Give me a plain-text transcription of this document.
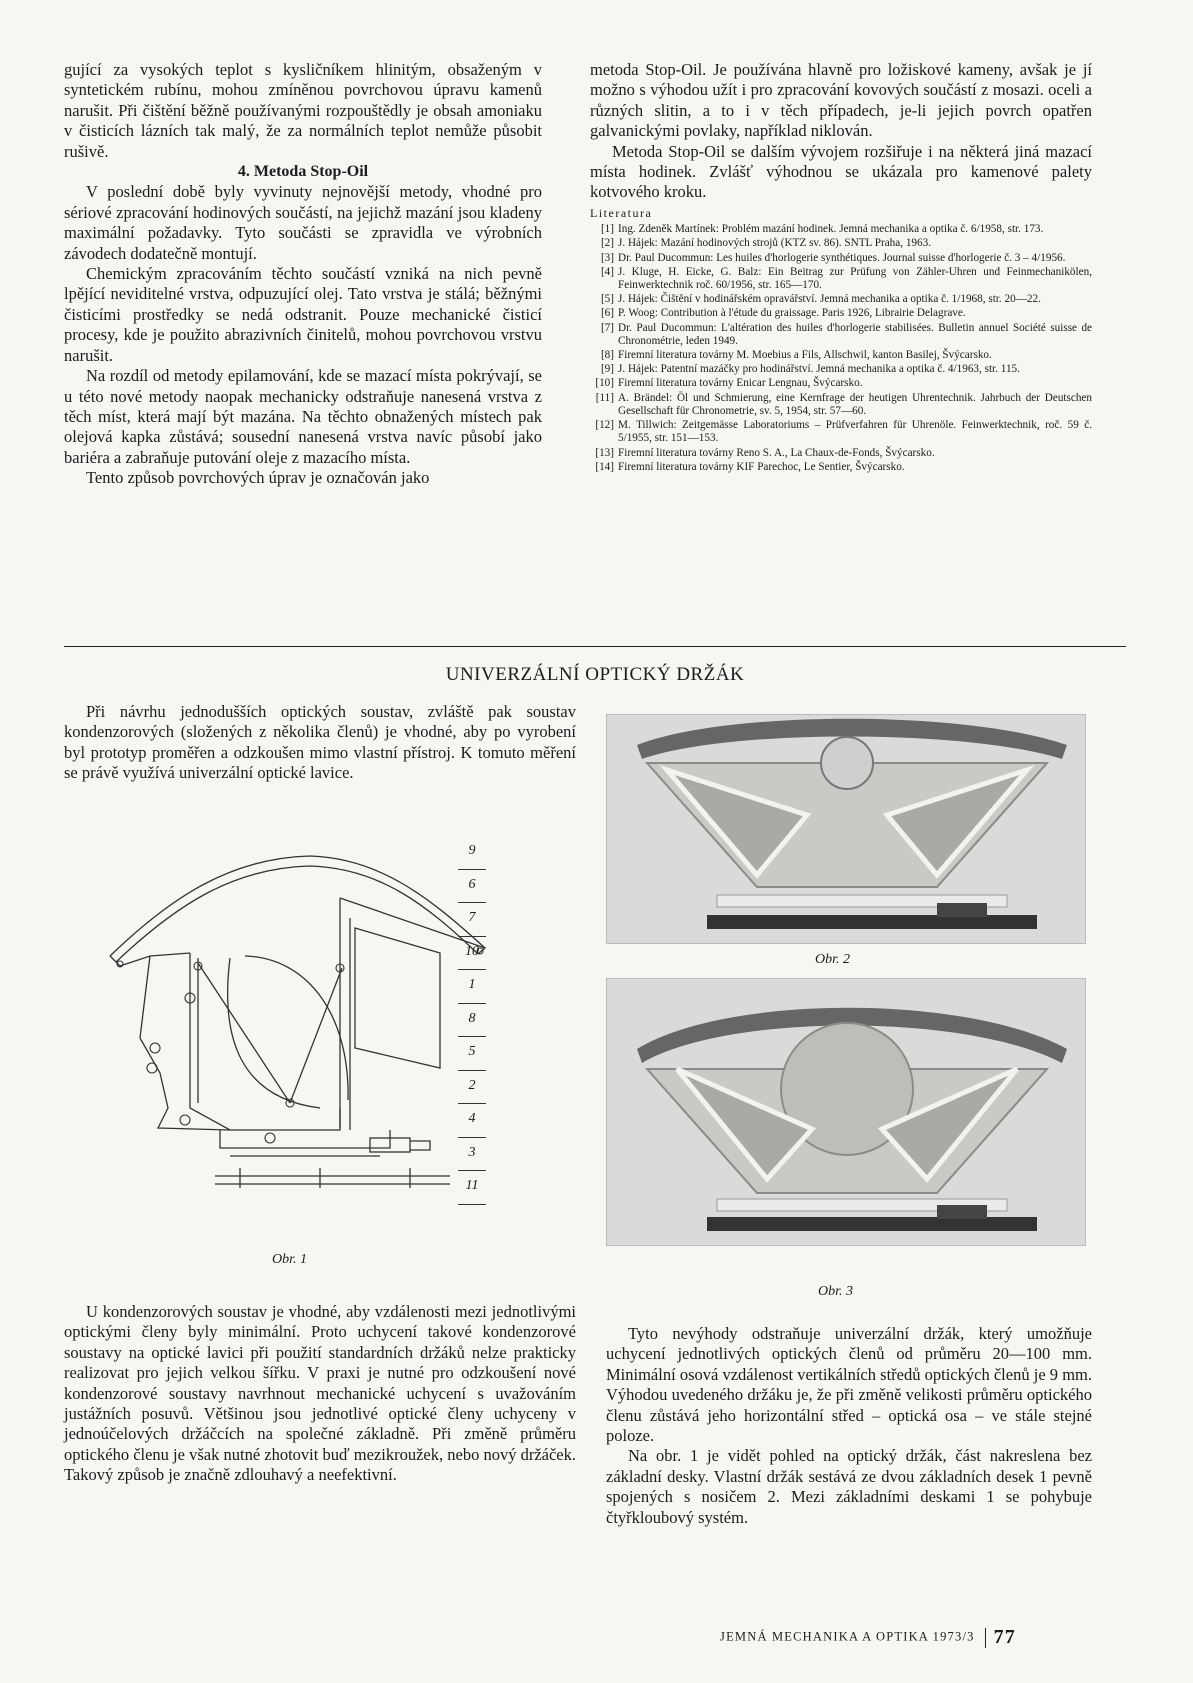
gující za vysokých teplot s kysličníkem hlinitým, obsaženým v syntetickém rubínu, mohou zmíněnou povrchovou úpravu kamenů narušit. Při čištění běžně používanými rozpouštědly je obsah amoniaku v čisticích lázních tak malý, že za normálních teplot nemůže působit rušivě.

4. Metoda Stop-Oil

V poslední době byly vyvinuty nejnovější metody, vhodné pro sériové zpracování hodinových součástí, na jejichž mazání jsou kladeny maximální požadavky. Tyto součásti se zpravidla ve výrobních závodech dodatečně montují.

Chemickým zpracováním těchto součástí vzniká na nich pevně lpějící neviditelné vrstva, odpuzující olej. Tato vrstva je stálá; běžnými čisticími prostředky se nedá odstranit. Pouze mechanické čisticí procesy, kde je použito abrazivních činitelů, mohou povrchovou vrstvu narušit.

Na rozdíl od metody epilamování, kde se mazací místa pokrývají, se u této nové metody naopak mechanicky odstraňuje nanesená vrstva z těch míst, která mají být mazána. Na těchto obnažených místech pak olejová kapka zůstává; sousední nanesená vrstva navíc působí jako bariéra a zabraňuje putování oleje z mazacího místa.

Tento způsob povrchových úprav je označován jako

metoda Stop-Oil. Je používána hlavně pro ložiskové kameny, avšak je jí možno s výhodou užít i pro zpracování kovových součástí z mosazi. oceli a různých slitin, a to i v těch případech, je-li jejich povrch opatřen galvanickými povlaky, například niklován.

Metoda Stop-Oil se dalším vývojem rozšiřuje i na některá jiná mazací místa hodinek. Zvlášť výhodnou se ukázala pro kamenové palety kotvového kroku.

Literatura

[1] Ing. Zdeněk Martínek: Problém mazání hodinek. Jemná mechanika a optika č. 6/1958, str. 173.
[2] J. Hájek: Mazání hodinových strojů (KTZ sv. 86). SNTL Praha, 1963.
[3] Dr. Paul Ducommun: Les huiles d'horlogerie synthétiques. Journal suisse d'horlogerie č. 3 – 4/1956.
[4] J. Kluge, H. Eicke, G. Balz: Ein Beitrag zur Prüfung von Zähler-Uhren und Feinmechanikölen, Feinwerktechnik roč. 60/1956, str. 165—170.
[5] J. Hájek: Čištění v hodinářském opravářství. Jemná mechanika a optika č. 1/1968, str. 20—22.
[6] P. Woog: Contribution à l'étude du graissage. Paris 1926, Librairie Delagrave.
[7] Dr. Paul Ducommun: L'altération des huiles d'horlogerie stabilisées. Bulletin annuel Société suisse de Chronométrie, leden 1949.
[8] Firemní literatura továrny M. Moebius a Fils, Allschwil, kanton Basilej, Švýcarsko.
[9] J. Hájek: Patentní mazáčky pro hodinářství. Jemná mechanika a optika č. 4/1963, str. 115.
[10] Firemní literatura továrny Enicar Lengnau, Švýcarsko.
[11] A. Brändel: Öl und Schmierung, eine Kernfrage der heutigen Uhrentechnik. Jahrbuch der Deutschen Gesellschaft für Chronometrie, sv. 5, 1954, str. 57—60.
[12] M. Tillwich: Zeitgemässe Laboratoriums – Prüfverfahren für Uhrenöle. Feinwerktechnik, roč. 59 č. 5/1955, str. 151—153.
[13] Firemní literatura továrny Reno S. A., La Chaux-de-Fonds, Švýcarsko.
[14] Firemní literatura továrny KIF Parechoc, Le Sentier, Švýcarsko.
UNIVERZÁLNÍ OPTICKÝ DRŽÁK

Při návrhu jednodušších optických soustav, zvláště pak soustav kondenzorových (složených z několika členů) je vhodné, aby po vyrobení byl prototyp proměřen a odzkoušen mimo vlastní přístroj. K tomuto měření se právě využívá univerzální optické lavice.

9
6
7
10
1
8
5
2
4
3
11
Obr. 1

U kondenzorových soustav je vhodné, aby vzdálenosti mezi jednotlivými optickými členy byly minimální. Proto uchycení takové kondenzorové soustavy na optické lavici při použití standardních držáků nelze prakticky realizovat pro jejich velkou šířku. V praxi je nutné pro odzkoušení nové kondenzorové soustavy navrhnout mechanické uchycení s uvažováním justážních posuvů. Většinou jsou jednotlivé optické členy uchyceny v jednoúčelových držáčcích na společné základně. Při změně průměru optického členu je však nutné zhotovit buď mezikroužek, nebo nový držáček. Takový způsob je značně zdlouhavý a neefektivní.

Obr. 2
Obr. 3

Tyto nevýhody odstraňuje univerzální držák, který umožňuje uchycení jednotlivých optických členů od průměru 20—100 mm. Minimální osová vzdálenost vertikálních středů optických členů je 9 mm. Výhodou uvedeného držáku je, že při změně velikosti průměru optického členu zůstává jeho horizontální střed – optická osa – ve stále stejné poloze.

Na obr. 1 je vidět pohled na optický držák, část nakreslena bez základní desky. Vlastní držák sestává ze dvou základních desek 1 pevně spojených s nosičem 2. Mezi základními deskami 1 se pohybuje čtyřkloubový systém.

JEMNÁ MECHANIKA A OPTIKA 1973/3 77
